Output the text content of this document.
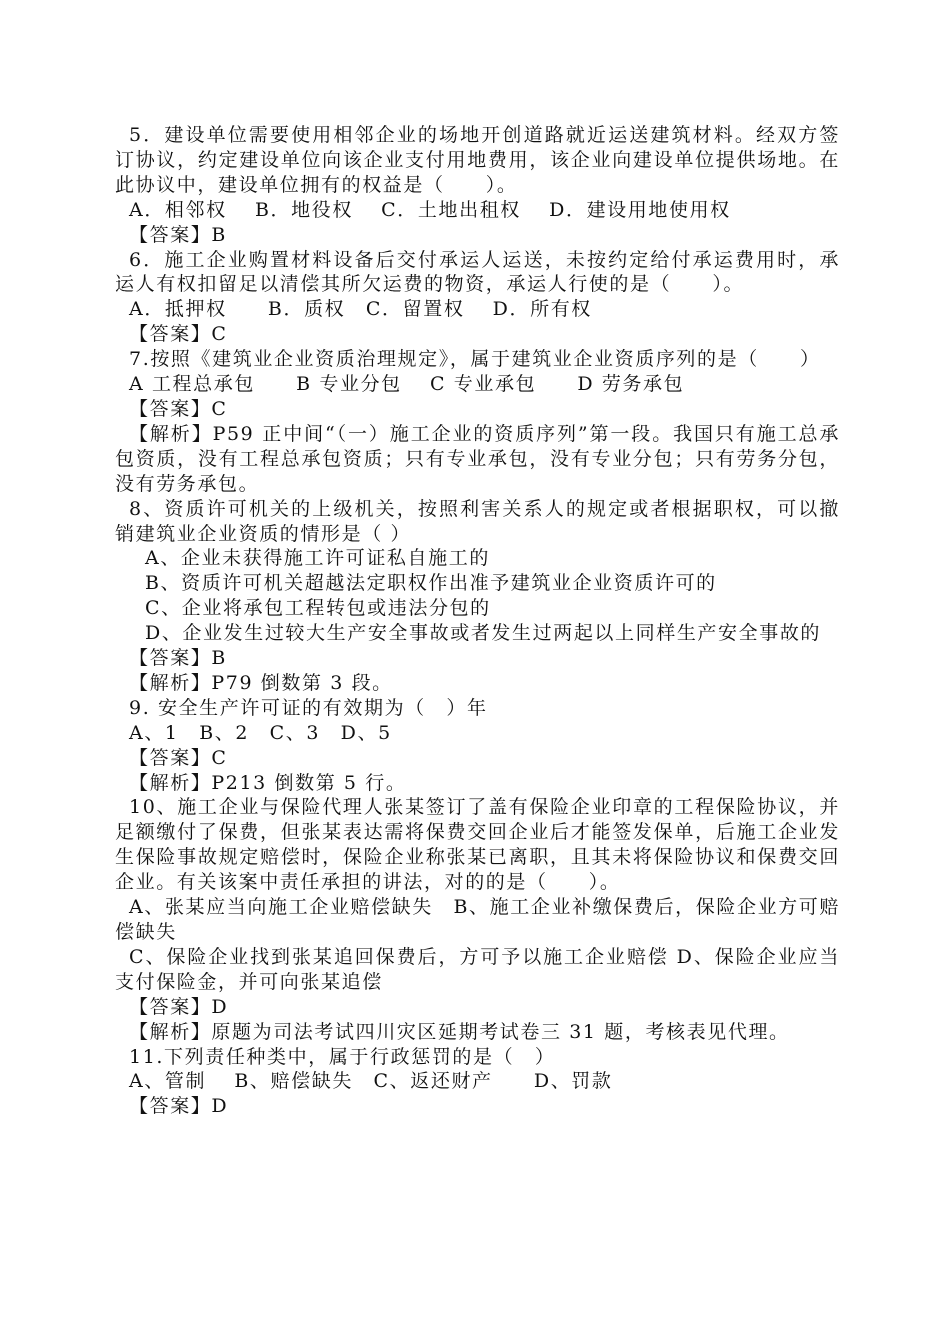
5．建设单位需要使用相邻企业的场地开创道路就近运送建筑材料。经双方签订协议，约定建设单位向该企业支付用地费用，该企业向建设单位提供场地。在此协议中，建设单位拥有的权益是（　　）。

A．相邻权　 B．地役权　 C．土地出租权　 D．建设用地使用权

【答案】B

6．施工企业购置材料设备后交付承运人运送，未按约定给付承运费用时，承运人有权扣留足以清偿其所欠运费的物资，承运人行使的是（　　）。

A．抵押权　　B．质权　C．留置权　 D．所有权

【答案】C

7.按照《建筑业企业资质治理规定》，属于建筑业企业资质序列的是（　　）

A 工程总承包　　B 专业分包　 C 专业承包　　D 劳务承包

【答案】C

【解析】P59 正中间“（一）施工企业的资质序列”第一段。我国只有施工总承包资质，没有工程总承包资质；只有专业承包，没有专业分包；只有劳务分包，没有劳务承包。

8、资质许可机关的上级机关，按照利害关系人的规定或者根据职权，可以撤销建筑业企业资质的情形是（ ）

A、企业未获得施工许可证私自施工的

B、资质许可机关超越法定职权作出准予建筑业企业资质许可的

C、企业将承包工程转包或违法分包的

D、企业发生过较大生产安全事故或者发生过两起以上同样生产安全事故的

【答案】B

【解析】P79 倒数第 3 段。

9. 安全生产许可证的有效期为（　）年

A、1　B、2　C、3　D、5

【答案】C

【解析】P213 倒数第 5 行。

10、施工企业与保险代理人张某签订了盖有保险企业印章的工程保险协议，并足额缴付了保费，但张某表达需将保费交回企业后才能签发保单，后施工企业发生保险事故规定赔偿时，保险企业称张某已离职，且其未将保险协议和保费交回企业。有关该案中责任承担的讲法，对的的是（　　）。

A、张某应当向施工企业赔偿缺失　B、施工企业补缴保费后，保险企业方可赔偿缺失

C、保险企业找到张某追回保费后，方可予以施工企业赔偿 D、保险企业应当支付保险金，并可向张某追偿

【答案】D

【解析】原题为司法考试四川灾区延期考试卷三 31 题，考核表见代理。

11.下列责任种类中，属于行政惩罚的是（　）

A、管制　 B、赔偿缺失　C、返还财产　　D、罚款

【答案】D
